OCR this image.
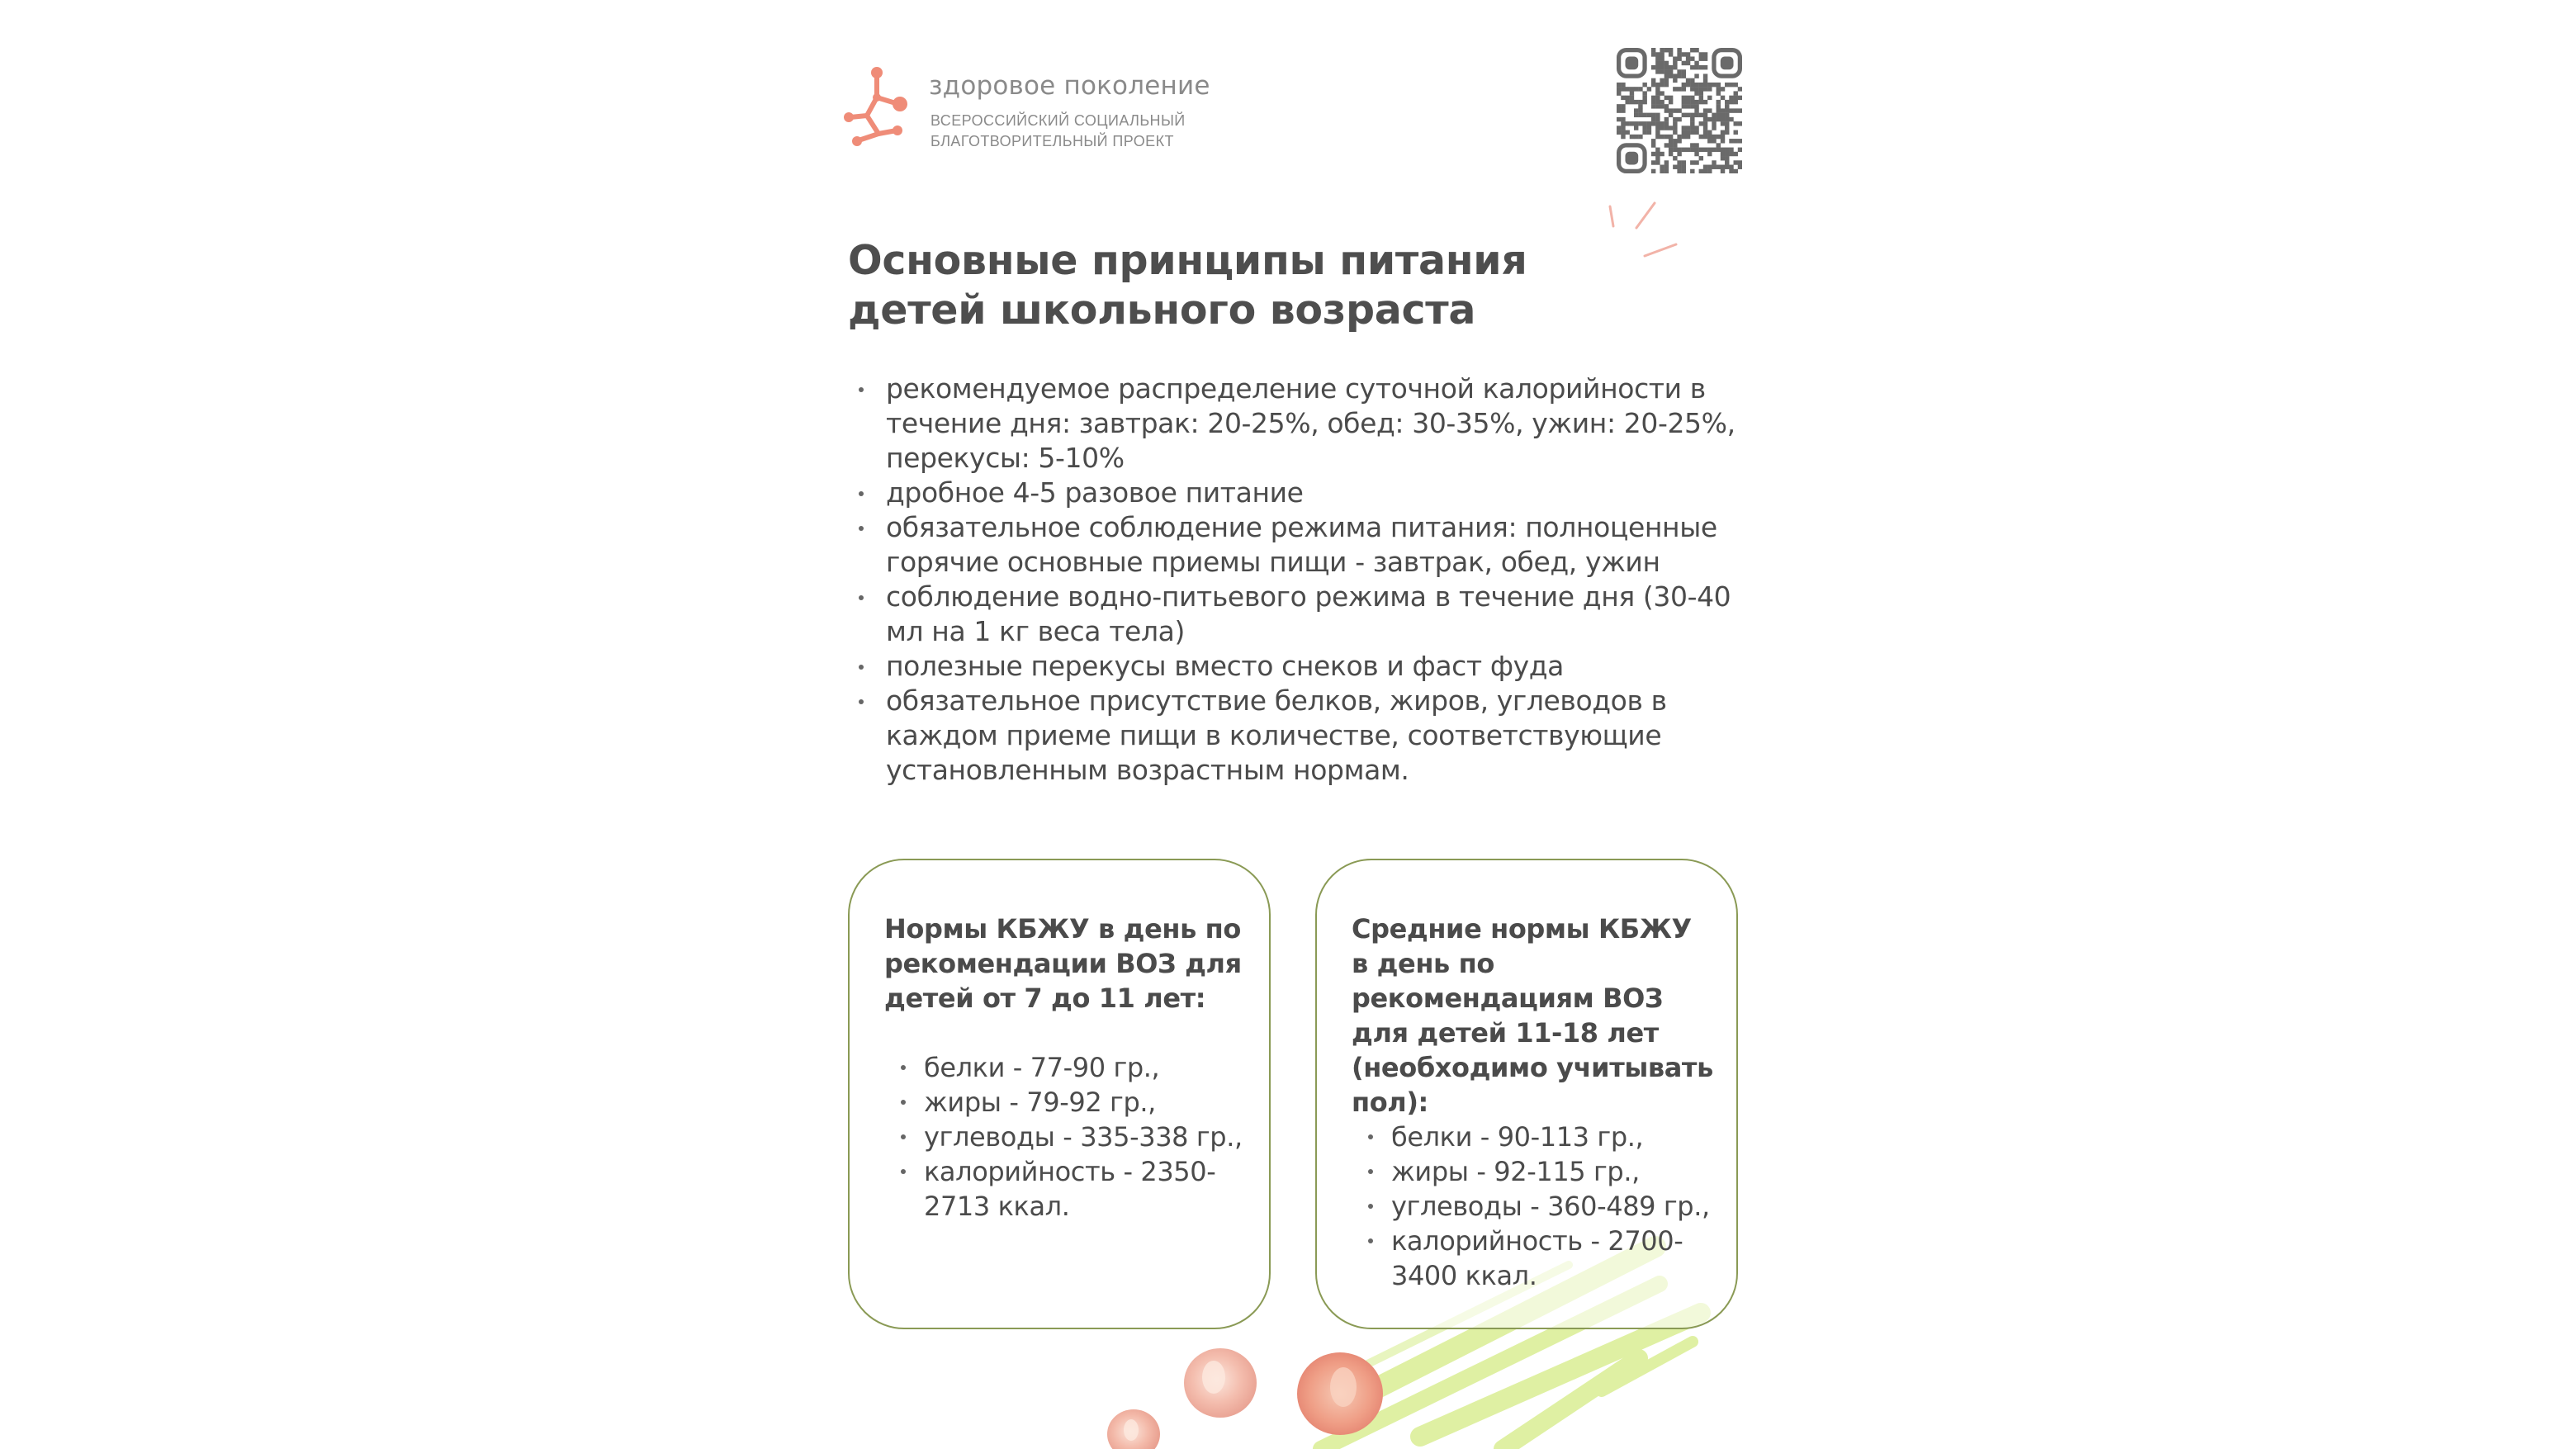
здоровое поколение
ВСЕРОССИЙСКИЙ СОЦИАЛЬНЫЙ
БЛАГОТВОРИТЕЛЬНЫЙ ПРОЕКТ
Основные принципы питания детей школьного возраста
рекомендуемое распределение суточной калорийности в течение дня: завтрак: 20-25%, обед: 30-35%, ужин: 20-25%, перекусы: 5-10%
дробное 4-5 разовое питание
обязательное соблюдение режима питания: полноценные горячие основные приемы пищи - завтрак, обед, ужин
соблюдение водно-питьевого режима в течение дня (30-40 мл на 1 кг веса тела)
полезные перекусы вместо снеков и фаст фуда
обязательное присутствие белков, жиров, углеводов в каждом приеме пищи в количестве, соответствующие установленным возрастным нормам.

Нормы КБЖУ в день по рекомендации ВОЗ для детей от 7 до 11 лет:

белки - 77-90 гр.,
жиры - 79-92 гр.,
углеводы - 335-338 гр.,
калорийность - 2350-2713 ккал.

Средние нормы КБЖУ в день по рекомендациям ВОЗ для детей 11-18 лет (необходимо учитывать пол):

белки - 90-113 гр.,
жиры - 92-115 гр.,
углеводы - 360-489 гр.,
калорийность - 2700-3400 ккал.
